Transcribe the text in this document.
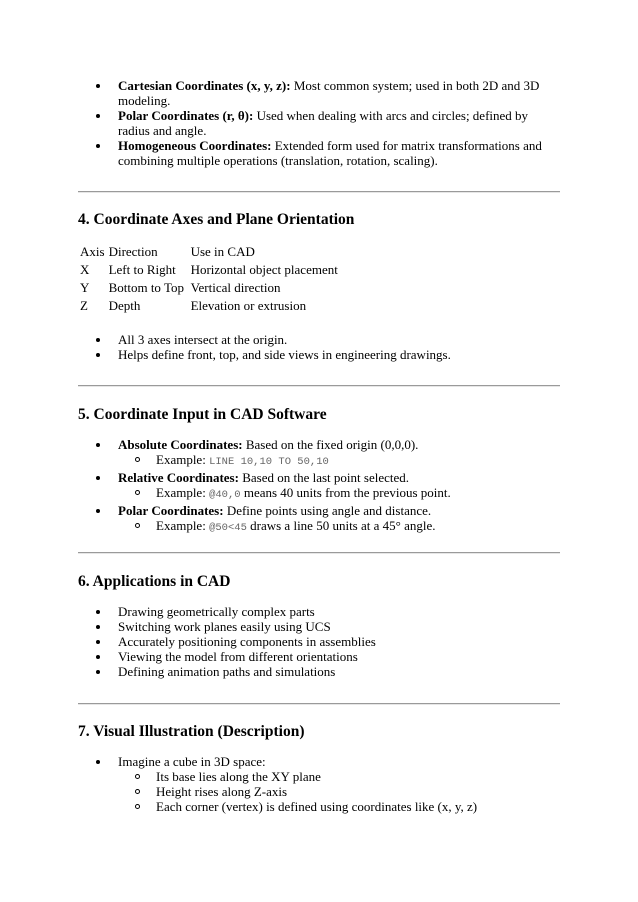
Cartesian Coordinates (x, y, z): Most common system; used in both 2D and 3D modeling.
Polar Coordinates (r, θ): Used when dealing with arcs and circles; defined by radius and angle.
Homogeneous Coordinates: Extended form used for matrix transformations and combining multiple operations (translation, rotation, scaling).
4. Coordinate Axes and Plane Orientation
Axis	Direction	Use in CAD
X	Left to Right	Horizontal object placement
Y	Bottom to Top	Vertical direction
Z	Depth	Elevation or extrusion
All 3 axes intersect at the origin.
Helps define front, top, and side views in engineering drawings.
5. Coordinate Input in CAD Software
Absolute Coordinates: Based on the fixed origin (0,0,0).
Example: LINE 10,10 TO 50,10
Relative Coordinates: Based on the last point selected.
Example: @40,0 means 40 units from the previous point.
Polar Coordinates: Define points using angle and distance.
Example: @50<45 draws a line 50 units at a 45° angle.
6. Applications in CAD
Drawing geometrically complex parts
Switching work planes easily using UCS
Accurately positioning components in assemblies
Viewing the model from different orientations
Defining animation paths and simulations
7. Visual Illustration (Description)
Imagine a cube in 3D space:
Its base lies along the XY plane
Height rises along Z-axis
Each corner (vertex) is defined using coordinates like (x, y, z)
